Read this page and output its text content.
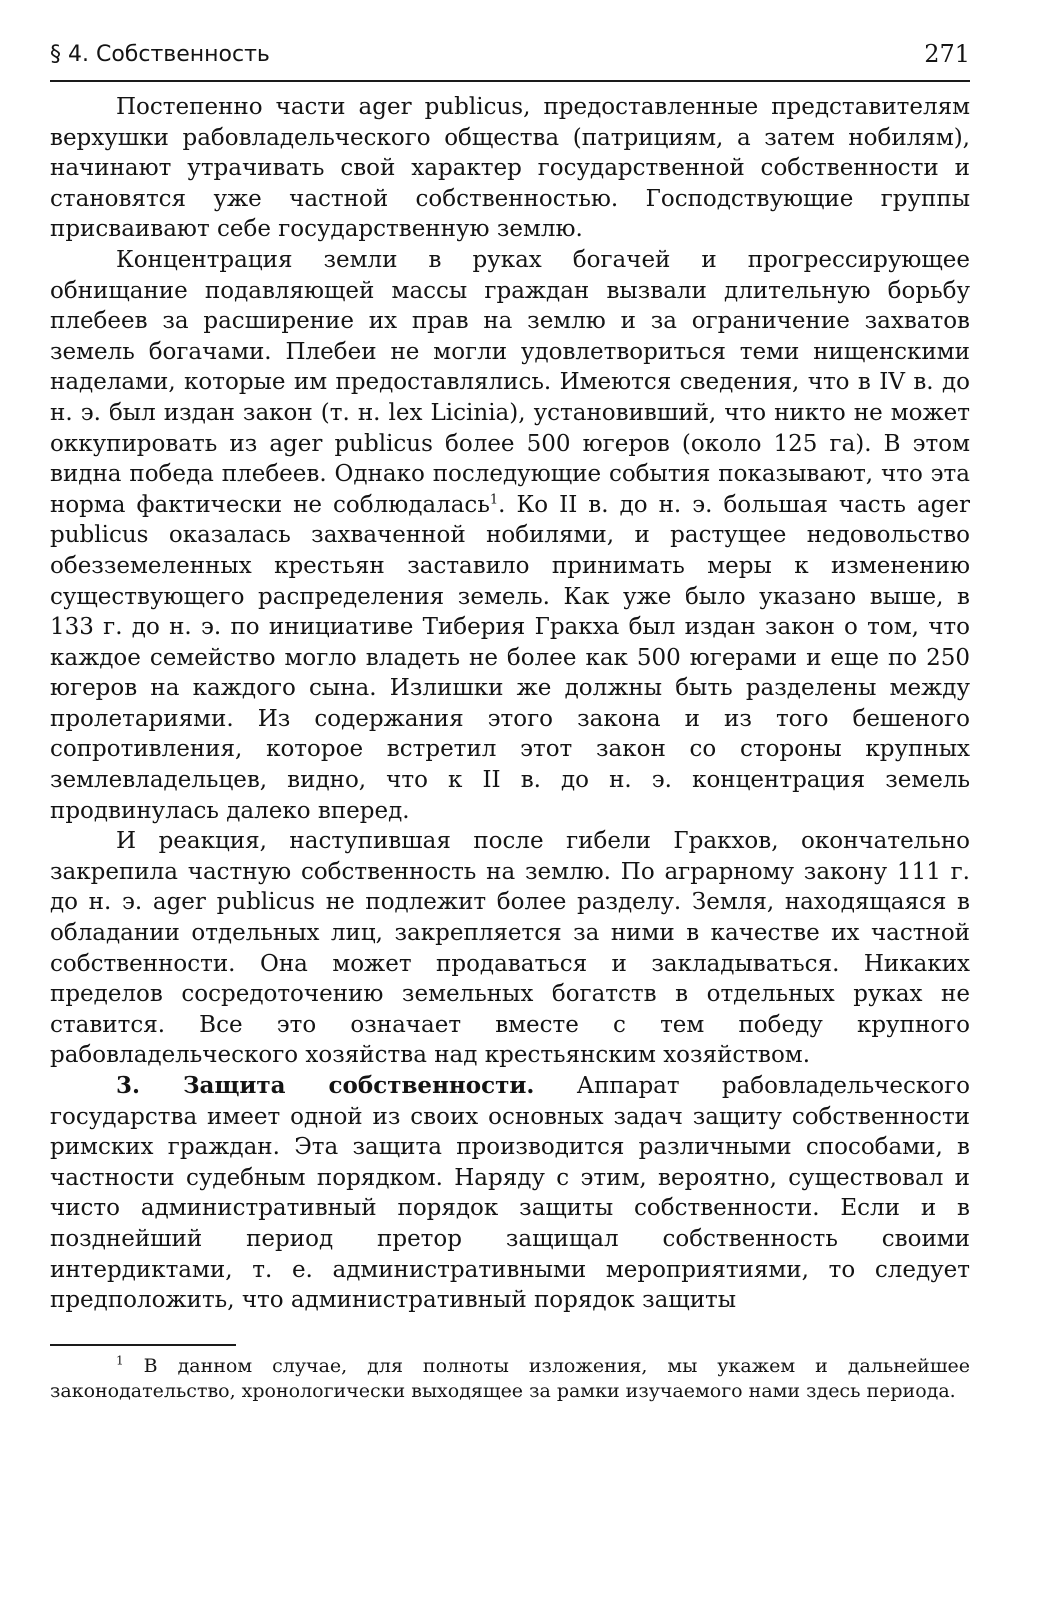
§ 4. Собственность	271

Постепенно части ager publicus, предоставленные представителям верхушки рабовладельческого общества (патрициям, а затем нобилям), начинают утрачивать свой характер государственной собственности и становятся уже частной собственностью. Господствующие группы присваивают себе государственную землю.

Концентрация земли в руках богачей и прогрессирующее обнищание подавляющей массы граждан вызвали длительную борьбу плебеев за расширение их прав на землю и за ограничение захватов земель богачами. Плебеи не могли удовлетвориться теми нищенскими наделами, которые им предоставлялись. Имеются сведения, что в IV в. до н. э. был издан закон (т. н. lex Licinia), установивший, что никто не может оккупировать из ager publicus более 500 югеров (около 125 га). В этом видна победа плебеев. Однако последующие события показывают, что эта норма фактически не соблюдалась$^1$. Ко II в. до н. э. большая часть ager publicus оказалась захваченной нобилями, и растущее недовольство обезземеленных крестьян заставило принимать меры к изменению существующего распределения земель. Как уже было указано выше, в 133 г. до н. э. по инициативе Тиберия Гракха был издан закон о том, что каждое семейство могло владеть не более как 500 югерами и еще по 250 югеров на каждого сына. Излишки же должны быть разделены между пролетариями. Из содержания этого закона и из того бешеного сопротивления, которое встретил этот закон со стороны крупных землевладельцев, видно, что к II в. до н. э. концентрация земель продвинулась далеко вперед.

И реакция, наступившая после гибели Гракхов, окончательно закрепила частную собственность на землю. По аграрному закону 111 г. до н. э. ager publicus не подлежит более разделу. Земля, находящаяся в обладании отдельных лиц, закрепляется за ними в качестве их частной собственности. Она может продаваться и закладываться. Никаких пределов сосредоточению земельных богатств в отдельных руках не ставится. Все это означает вместе с тем победу крупного рабовладельческого хозяйства над крестьянским хозяйством.

3. Защита собственности. Аппарат рабовладельческого государства имеет одной из своих основных задач защиту собственности римских граждан. Эта защита производится различными способами, в частности судебным порядком. Наряду с этим, вероятно, существовал и чисто административный порядок защиты собственности. Если и в позднейший период претор защищал собственность своими интердиктами, т. е. административными мероприятиями, то следует предположить, что административный порядок защиты

$^1$ В данном случае, для полноты изложения, мы укажем и дальнейшее законодательство, хронологически выходящее за рамки изучаемого нами здесь периода.
